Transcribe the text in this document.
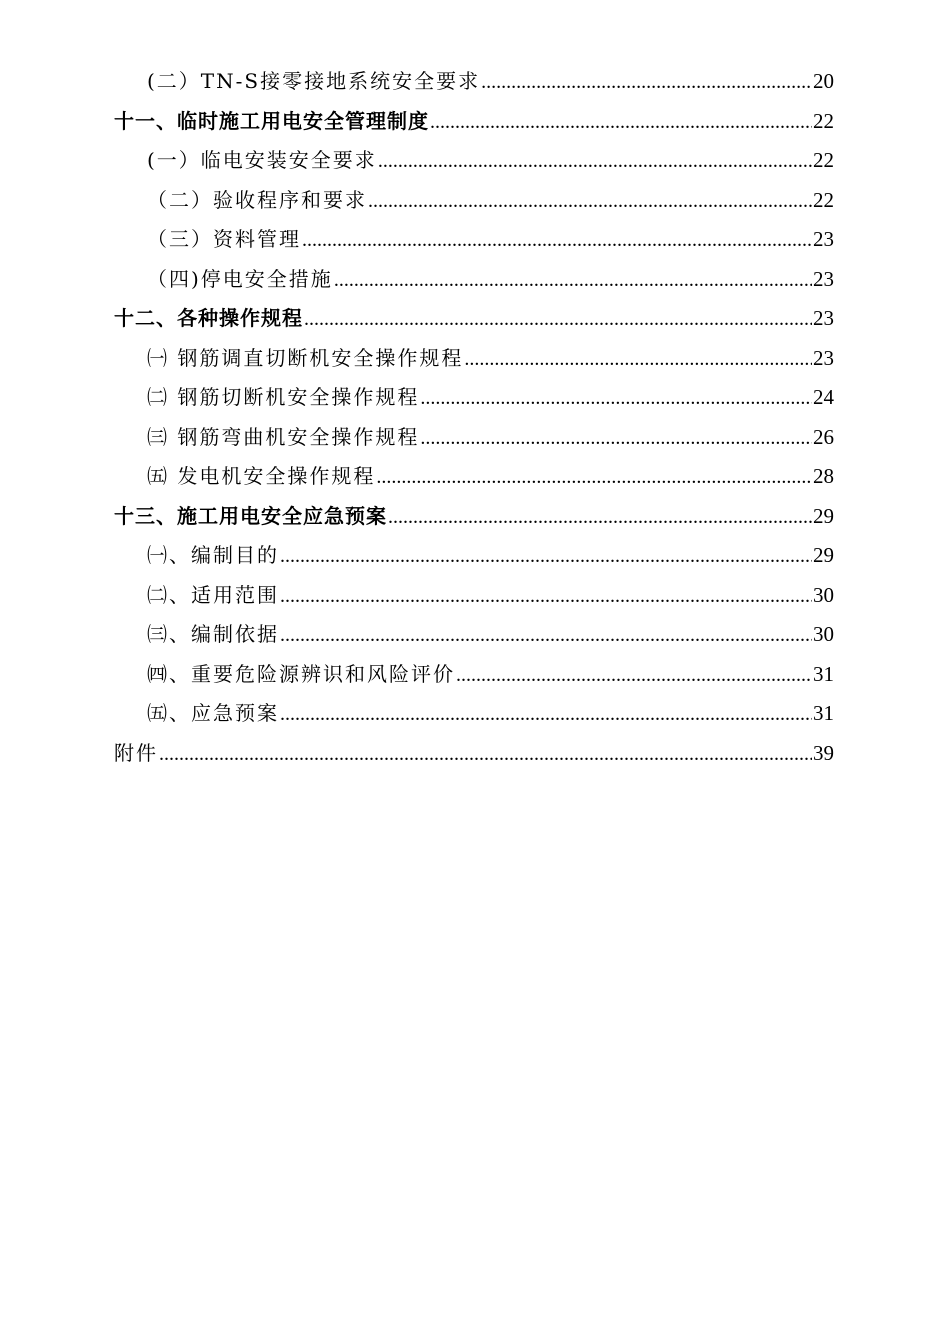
(二）TN-S接零接地系统安全要求 .....	20
十一、临时施工用电安全管理制度 .....	22
(一）临电安装安全要求 .....	22
（二）验收程序和要求 .....	22
（三）资料管理 .....	23
（四)停电安全措施 .....	23
十二、各种操作规程 .....	23
㈠ 钢筋调直切断机安全操作规程 .....	23
㈡ 钢筋切断机安全操作规程 .....	24
㈢ 钢筋弯曲机安全操作规程 .....	26
㈤ 发电机安全操作规程 .....	28
十三、施工用电安全应急预案 .....	29
㈠、编制目的 .....	29
㈡、适用范围 .....	30
㈢、编制依据 .....	30
㈣、重要危险源辨识和风险评价 .....	31
㈤、应急预案 .....	31
附件 .....	39
